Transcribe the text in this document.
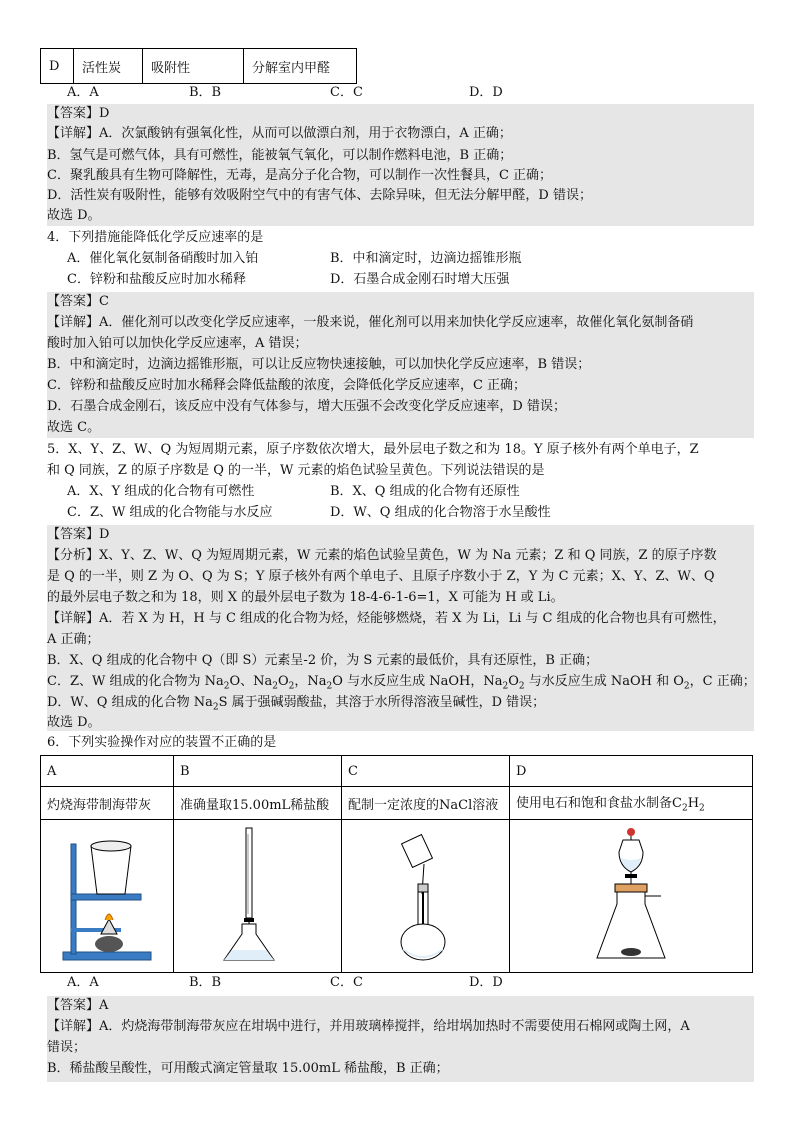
D	活性炭	吸附性	分解室内甲醛
A．A	B．B	C．C	D．D
【答案】D
【详解】A．次氯酸钠有强氧化性，从而可以做漂白剂，用于衣物漂白，A 正确；
B．氢气是可燃气体，具有可燃性，能被氧气氧化，可以制作燃料电池，B 正确；
C．聚乳酸具有生物可降解性，无毒，是高分子化合物，可以制作一次性餐具，C 正确；
D．活性炭有吸附性，能够有效吸附空气中的有害气体、去除异味，但无法分解甲醛，D 错误；
故选 D。
4．下列措施能降低化学反应速率的是
A．催化氧化氨制备硝酸时加入铂	B．中和滴定时，边滴边摇锥形瓶
C．锌粉和盐酸反应时加水稀释	D．石墨合成金刚石时增大压强
【答案】C
【详解】A．催化剂可以改变化学反应速率，一般来说，催化剂可以用来加快化学反应速率，故催化氧化氨制备硝
酸时加入铂可以加快化学反应速率，A 错误；
B．中和滴定时，边滴边摇锥形瓶，可以让反应物快速接触，可以加快化学反应速率，B 错误；
C．锌粉和盐酸反应时加水稀释会降低盐酸的浓度，会降低化学反应速率，C 正确；
D．石墨合成金刚石，该反应中没有气体参与，增大压强不会改变化学反应速率，D 错误；
故选 C。
5．X、Y、Z、W、Q 为短周期元素，原子序数依次增大，最外层电子数之和为 18。Y 原子核外有两个单电子，Z
和 Q 同族，Z 的原子序数是 Q 的一半，W 元素的焰色试验呈黄色。下列说法错误的是
A．X、Y 组成的化合物有可燃性	B．X、Q 组成的化合物有还原性
C．Z、W 组成的化合物能与水反应	D．W、Q 组成的化合物溶于水呈酸性
【答案】D
【分析】X、Y、Z、W、Q 为短周期元素，W 元素的焰色试验呈黄色，W 为 Na 元素；Z 和 Q 同族，Z 的原子序数
是 Q 的一半，则 Z 为 O、Q 为 S；Y 原子核外有两个单电子、且原子序数小于 Z，Y 为 C 元素；X、Y、Z、W、Q
的最外层电子数之和为 18，则 X 的最外层电子数为 18-4-6-1-6=1，X 可能为 H 或 Li。
【详解】A．若 X 为 H，H 与 C 组成的化合物为烃，烃能够燃烧，若 X 为 Li，Li 与 C 组成的化合物也具有可燃性，
A 正确；
B．X、Q 组成的化合物中 Q（即 S）元素呈-2 价，为 S 元素的最低价，具有还原性，B 正确；
C．Z、W 组成的化合物为 $Na_2O$、$Na_2O_2$，$Na_2O$ 与水反应生成 NaOH，$Na_2O_2$ 与水反应生成 NaOH 和 $O_2$，C 正确；
D．W、Q 组成的化合物 $Na_2S$ 属于强碱弱酸盐，其溶于水所得溶液呈碱性，D 错误；
故选 D。
6．下列实验操作对应的装置不正确的是
A	B	C	D
灼烧海带制海带灰	准确量取15.00mL稀盐酸	配制一定浓度的NaCl溶液	使用电石和饱和食盐水制备$C_2H_2$

A．A	B．B	C．C	D．D
【答案】A
【详解】A．灼烧海带制海带灰应在坩埚中进行，并用玻璃棒搅拌，给坩埚加热时不需要使用石棉网或陶土网，A
错误；
B．稀盐酸呈酸性，可用酸式滴定管量取 15.00mL 稀盐酸，B 正确；
